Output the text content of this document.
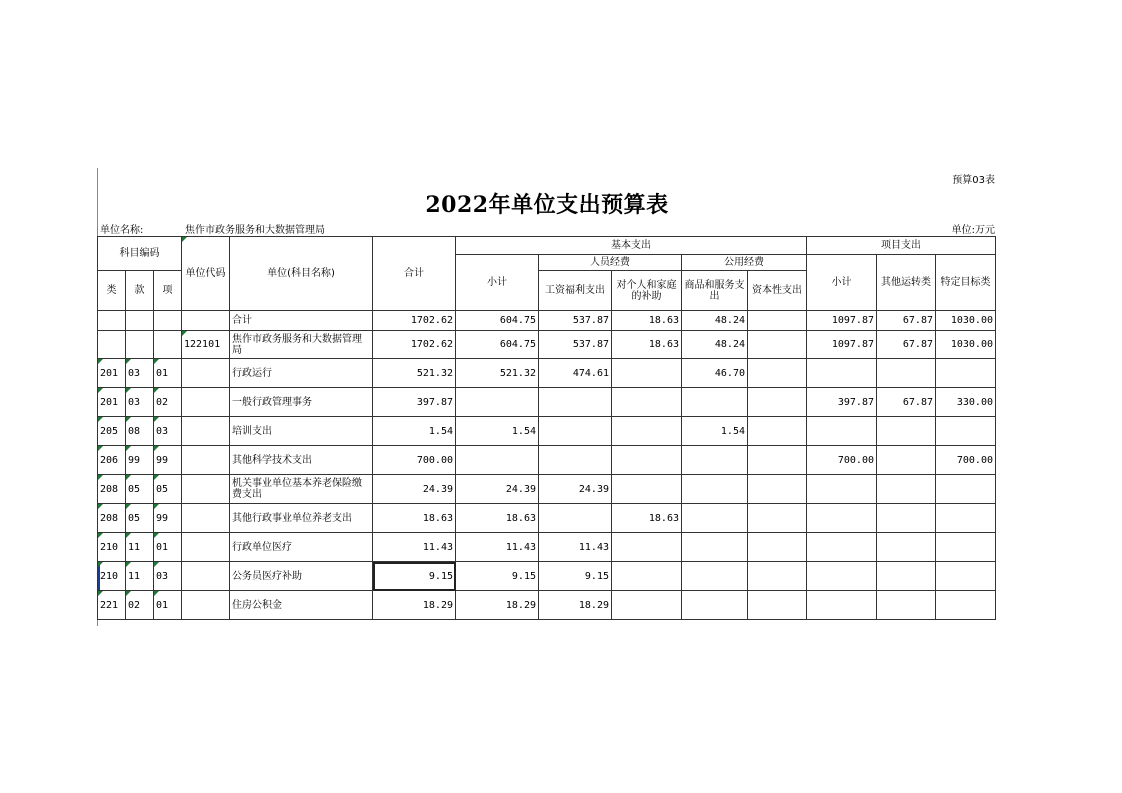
预算03表
2022年单位支出预算表
单位名称:	焦作市政务服务和大数据管理局	单位:万元
科目编码			单位代码	单位(科目名称)	合计	基本支出					项目支出		
						小计	人员经费		公用经费		小计	其他运转类	特定目标类
类	款	项					工资福利支出	对个人和家庭的补助	商品和服务支出	资本性支出			

				合计	1702.62	604.75	537.87	18.63	48.24		1097.87	67.87	1030.00
			122101	焦作市政务服务和大数据管理局	1702.62	604.75	537.87	18.63	48.24		1097.87	67.87	1030.00
201	03	01		行政运行	521.32	521.32	474.61		46.70				
201	03	02		一般行政管理事务	397.87						397.87	67.87	330.00
205	08	03		培训支出	1.54	1.54			1.54				
206	99	99		其他科学技术支出	700.00						700.00		700.00
208	05	05		机关事业单位基本养老保险缴费支出	24.39	24.39	24.39						
208	05	99		其他行政事业单位养老支出	18.63	18.63		18.63					
210	11	01		行政单位医疗	11.43	11.43	11.43						
210	11	03		公务员医疗补助	9.15	9.15	9.15						
221	02	01		住房公积金	18.29	18.29	18.29						
